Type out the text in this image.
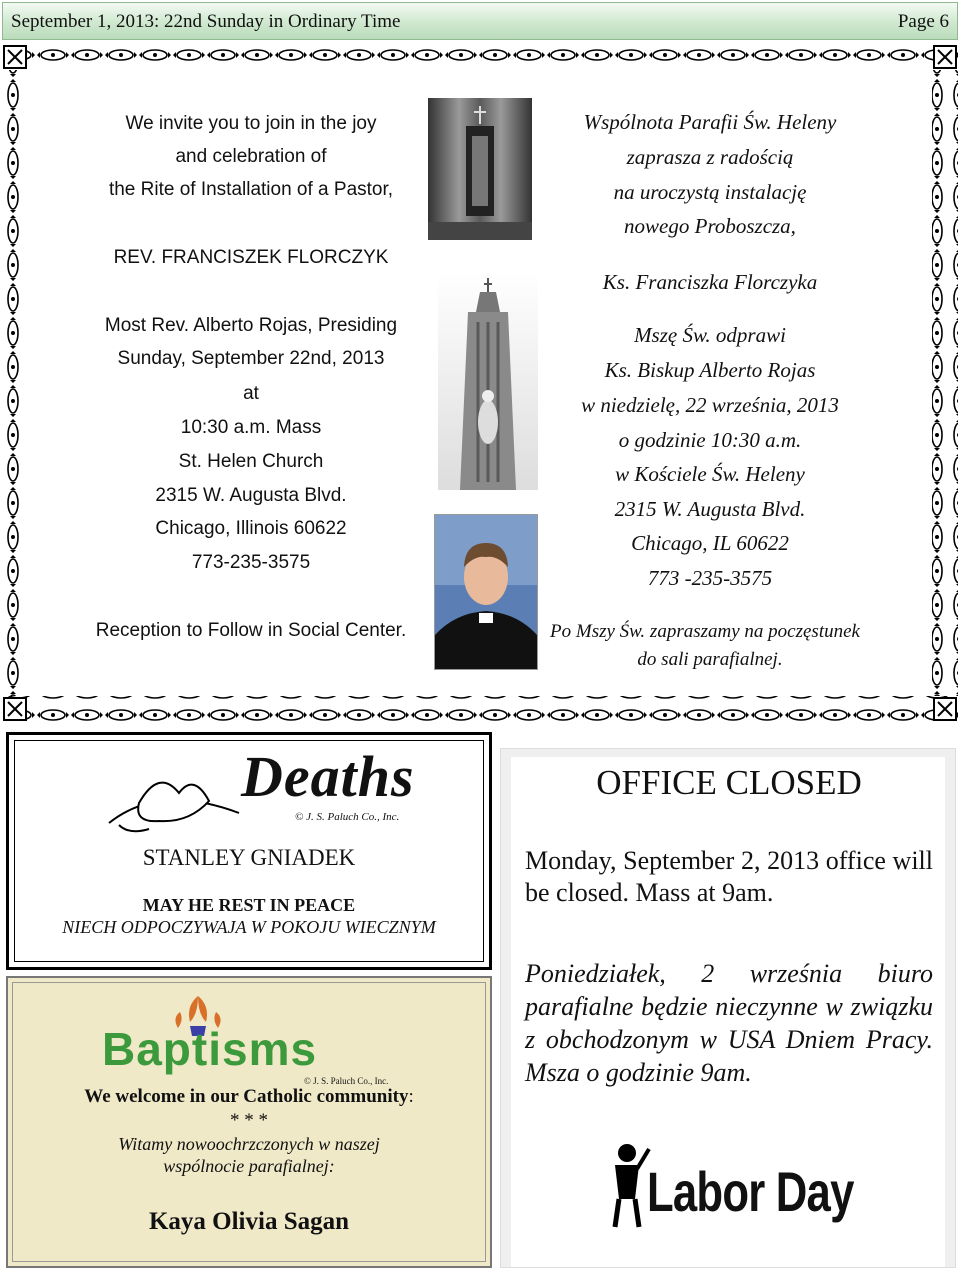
September 1, 2013: 22nd Sunday in Ordinary Time	Page 6
We invite you to join in the joy
and celebration of
the Rite of Installation of a Pastor,
REV. FRANCISZEK FLORCZYK
Most Rev. Alberto Rojas, Presiding
Sunday, September 22nd, 2013
at
10:30 a.m. Mass
St. Helen Church
2315 W. Augusta Blvd.
Chicago, Illinois 60622
773-235-3575
Reception to Follow in Social Center.
Wspólnota Parafii Św. Heleny
zaprasza z radością
na uroczystą instalację
nowego Proboszcza,
Ks. Franciszka Florczyka
Mszę Św. odprawi
Ks. Biskup Alberto Rojas
w niedzielę, 22 września, 2013
o godzinie 10:30 a.m.
w Kościele Św. Heleny
2315 W. Augusta Blvd.
Chicago, IL 60622
773 -235-3575
Po Mszy Św. zapraszamy na poczęstunek
do sali parafialnej.
Deaths
© J. S. Paluch Co., Inc.
STANLEY GNIADEK
MAY HE REST IN PEACE
NIECH ODPOCZYWAJA W POKOJU WIECZNYM
Baptisms
© J. S. Paluch Co., Inc.
We welcome in our Catholic community:
* * *
Witamy nowoochrzczonych w naszej
wspólnocie parafialnej:
Kaya Olivia Sagan
OFFICE CLOSED
Monday, September 2, 2013 office will be closed. Mass at 9am.
Poniedziałek, 2 września biuro parafialne będzie nieczynne w związku z obchodzonym w USA Dniem Pracy. Msza o godzinie 9am.
Labor Day
